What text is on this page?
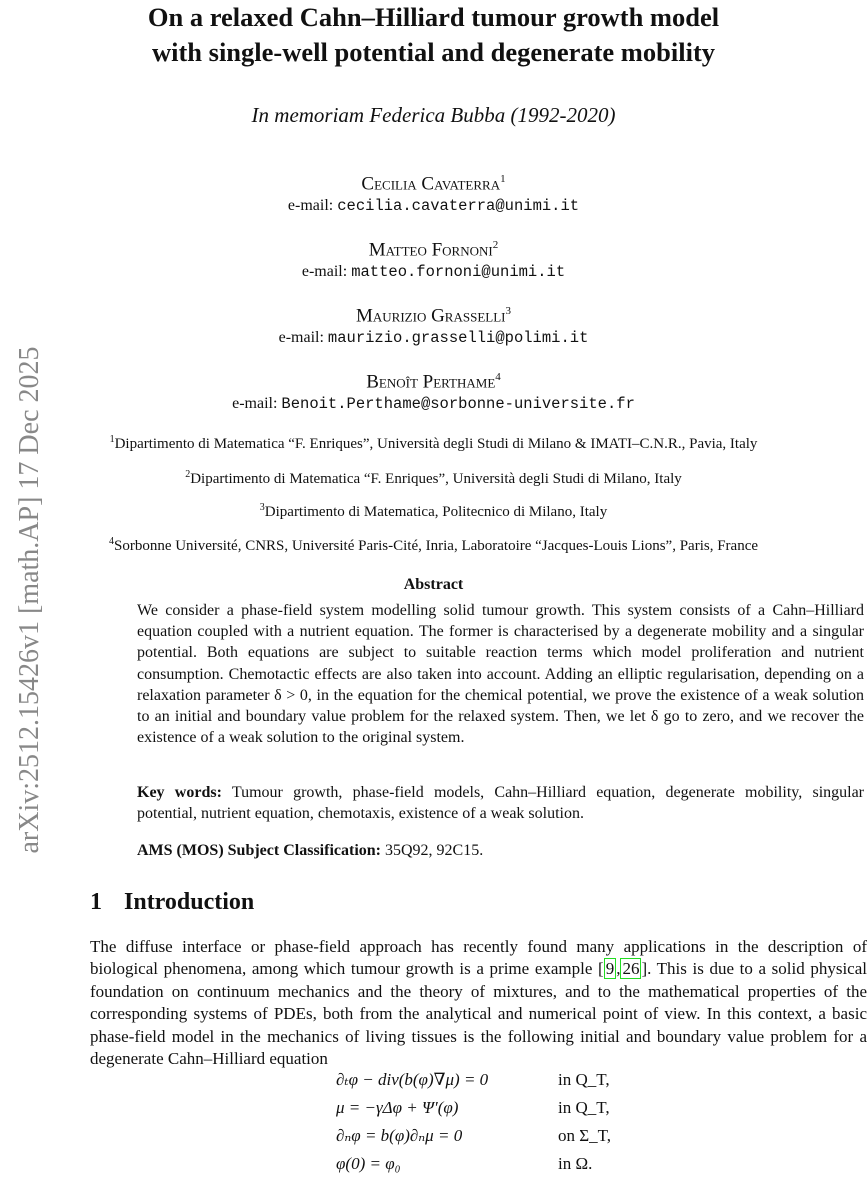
arXiv:2512.15426v1 [math.AP] 17 Dec 2025
On a relaxed Cahn–Hilliard tumour growth model
with single-well potential and degenerate mobility
In memoriam Federica Bubba (1992-2020)
Cecilia Cavaterra$^1$
e-mail: cecilia.cavaterra@unimi.it
Matteo Fornoni$^2$
e-mail: matteo.fornoni@unimi.it
Maurizio Grasselli$^3$
e-mail: maurizio.grasselli@polimi.it
Benoît Perthame$^4$
e-mail: Benoit.Perthame@sorbonne-universite.fr
$^1$Dipartimento di Matematica “F. Enriques”, Università degli Studi di Milano & IMATI–C.N.R., Pavia, Italy
$^2$Dipartimento di Matematica “F. Enriques”, Università degli Studi di Milano, Italy
$^3$Dipartimento di Matematica, Politecnico di Milano, Italy
$^4$Sorbonne Université, CNRS, Université Paris-Cité, Inria, Laboratoire “Jacques-Louis Lions”, Paris, France
Abstract
We consider a phase-field system modelling solid tumour growth. This system consists of a Cahn–Hilliard equation coupled with a nutrient equation. The former is characterised by a degenerate mobility and a singular potential. Both equations are subject to suitable reaction terms which model proliferation and nutrient consumption. Chemotactic effects are also taken into account. Adding an elliptic regularisation, depending on a relaxation parameter δ > 0, in the equation for the chemical potential, we prove the existence of a weak solution to an initial and boundary value problem for the relaxed system. Then, we let δ go to zero, and we recover the existence of a weak solution to the original system.
Key words: Tumour growth, phase-field models, Cahn–Hilliard equation, degenerate mobility, singular potential, nutrient equation, chemotaxis, existence of a weak solution.
AMS (MOS) Subject Classification: 35Q92, 92C15.
1 Introduction
The diffuse interface or phase-field approach has recently found many applications in the description of biological phenomena, among which tumour growth is a prime example [ 9 , 26 ]. This is due to a solid physical foundation on continuum mechanics and the theory of mixtures, and to the mathematical properties of the corresponding systems of PDEs, both from the analytical and numerical point of view. In this context, a basic phase-field model in the mechanics of living tissues is the following initial and boundary value problem for a degenerate Cahn–Hilliard equation
∂ₜφ − div(b(φ)∇μ) = 0	in Q_T,
μ = −γΔφ + Ψ′(φ)	in Q_T,
∂ₙφ = b(φ)∂ₙμ = 0	on Σ_T,
φ(0) = φ₀	in Ω.
